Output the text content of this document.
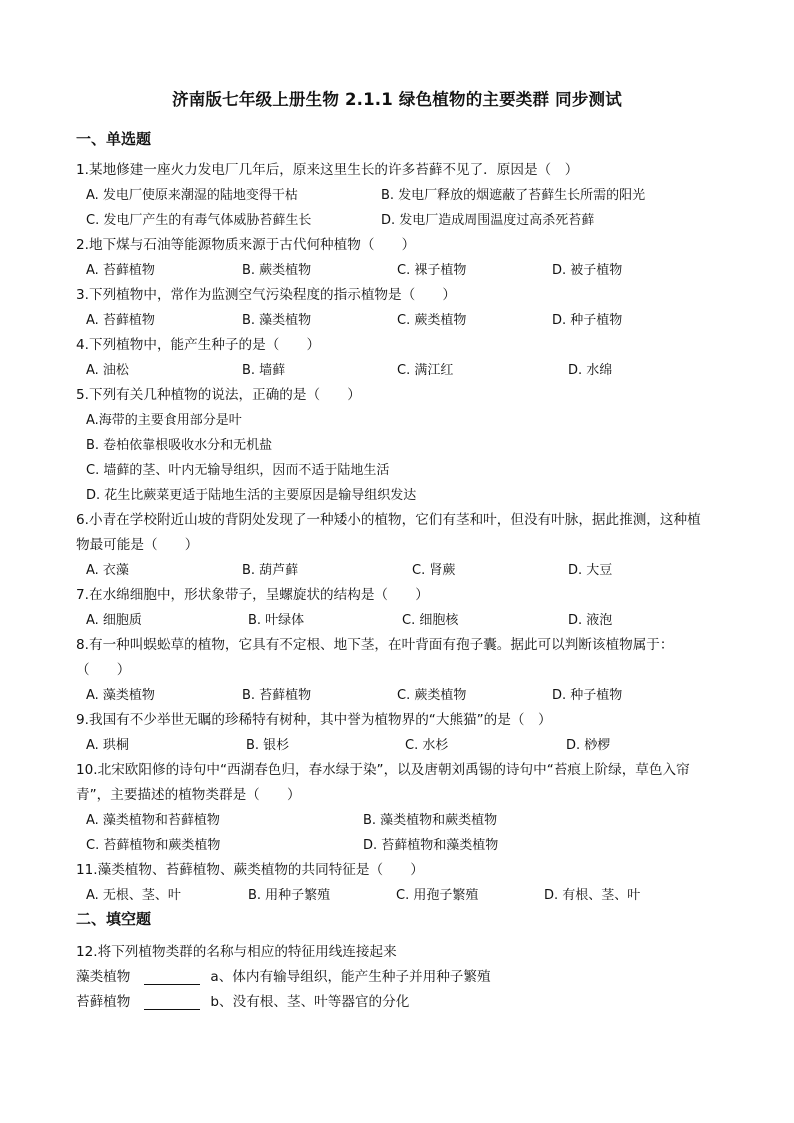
济南版七年级上册生物 2.1.1 绿色植物的主要类群 同步测试
一、单选题
1.某地修建一座火力发电厂几年后，原来这里生长的许多苔藓不见了．原因是（　）
A. 发电厂使原来潮湿的陆地变得干枯	B. 发电厂释放的烟遮蔽了苔藓生长所需的阳光
C. 发电厂产生的有毒气体威胁苔藓生长	D. 发电厂造成周围温度过高杀死苔藓
2.地下煤与石油等能源物质来源于古代何种植物（　　）
A. 苔藓植物	B. 蕨类植物	C. 裸子植物	D. 被子植物
3.下列植物中，常作为监测空气污染程度的指示植物是（　　）
A. 苔藓植物	B. 藻类植物	C. 蕨类植物	D. 种子植物
4.下列植物中，能产生种子的是（　　）
A. 油松	B. 墙藓	C. 满江红	D. 水绵
5.下列有关几种植物的说法，正确的是（　　）
A.海带的主要食用部分是叶
B. 卷柏依靠根吸收水分和无机盐
C. 墙藓的茎、叶内无输导组织，因而不适于陆地生活
D. 花生比蕨菜更适于陆地生活的主要原因是输导组织发达
6.小青在学校附近山坡的背阴处发现了一种矮小的植物，它们有茎和叶，但没有叶脉，据此推测，这种植
物最可能是（　　）
A. 衣藻	B. 葫芦藓	C. 肾蕨	D. 大豆
7.在水绵细胞中，形状象带子，呈螺旋状的结构是（　　）
A. 细胞质	B. 叶绿体	C. 细胞核	D. 液泡
8.有一种叫蜈蚣草的植物，它具有不定根、地下茎，在叶背面有孢子囊。据此可以判断该植物属于：
（　　）
A. 藻类植物	B. 苔藓植物	C. 蕨类植物	D. 种子植物
9.我国有不少举世无瞩的珍稀特有树种，其中誉为植物界的“大熊猫”的是（　）
A. 珙桐	B. 银杉	C. 水杉	D. 桫椤
10.北宋欧阳修的诗句中“西湖春色归，春水绿于染”，以及唐朝刘禹锡的诗句中“苔痕上阶绿，草色入帘
青”，主要描述的植物类群是（　　）
A. 藻类植物和苔藓植物	B. 藻类植物和蕨类植物
C. 苔藓植物和蕨类植物	D. 苔藓植物和藻类植物
11.藻类植物、苔藓植物、蕨类植物的共同特征是（　　）
A. 无根、茎、叶	B. 用种子繁殖	C. 用孢子繁殖	D. 有根、茎、叶
二、填空题
12.将下列植物类群的名称与相应的特征用线连接起来
藻类植物	a、体内有输导组织，能产生种子并用种子繁殖
苔藓植物	b、没有根、茎、叶等器官的分化
